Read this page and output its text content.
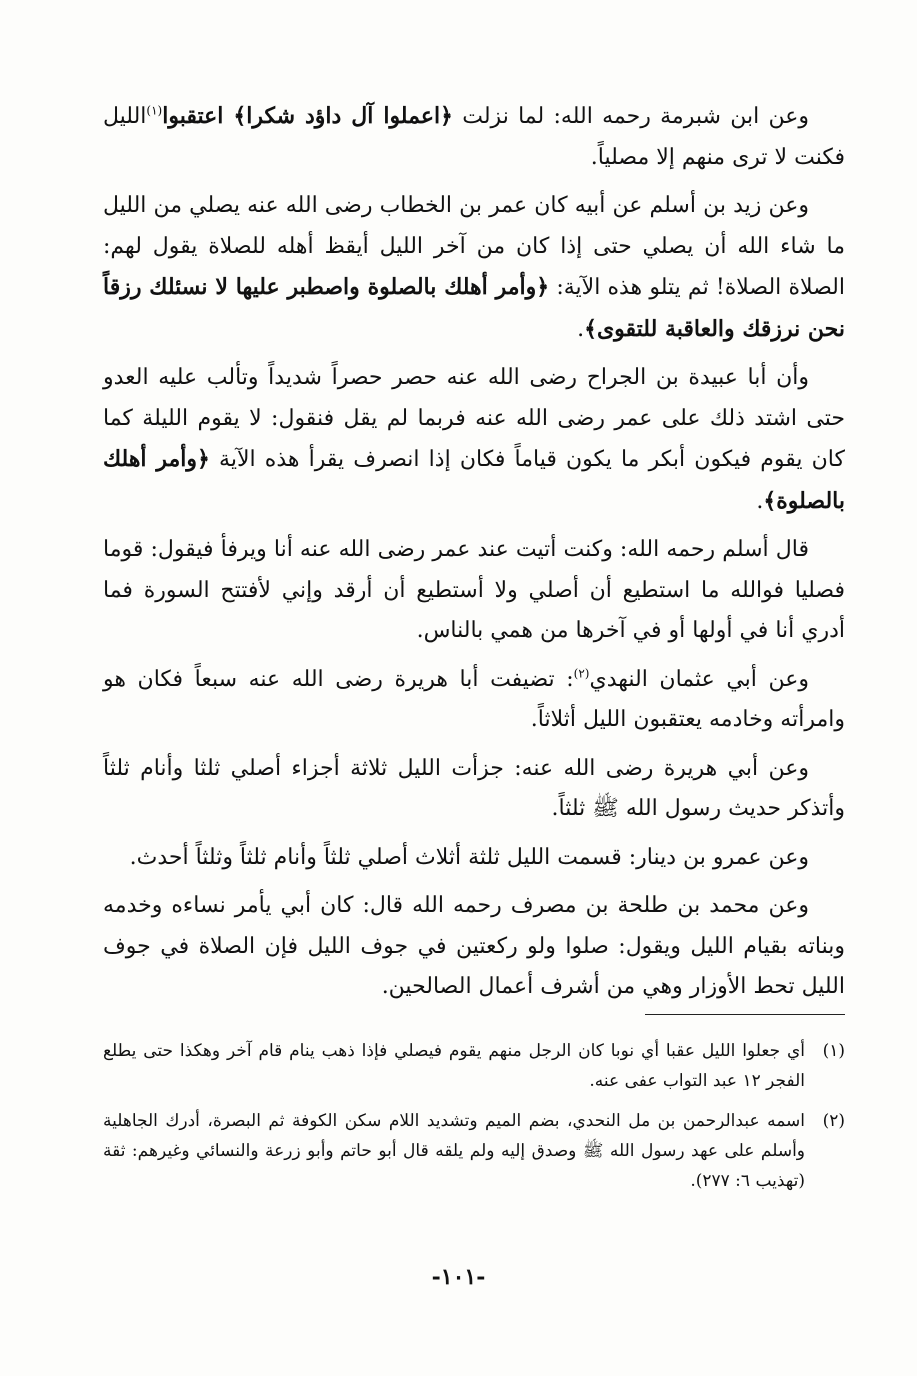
وعن ابن شبرمة رحمه الله: لما نزلت ﴿اعملوا آل داؤد شكرا﴾ اعتقبوا$^{(١)}$الليل فكنت لا ترى منهم إلا مصلياً.

وعن زيد بن أسلم عن أبيه كان عمر بن الخطاب رضى الله عنه يصلي من الليل ما شاء الله أن يصلي حتى إذا كان من آخر الليل أيقظ أهله للصلاة يقول لهم: الصلاة الصلاة! ثم يتلو هذه الآية: ﴿وأمر أهلك بالصلوة واصطبر عليها لا نسئلك رزقاً نحن نرزقك والعاقبة للتقوى﴾.

وأن أبا عبيدة بن الجراح رضى الله عنه حصر حصراً شديداً وتألب عليه العدو حتى اشتد ذلك على عمر رضى الله عنه فربما لم يقل فنقول: لا يقوم الليلة كما كان يقوم فيكون أبكر ما يكون قياماً فكان إذا انصرف يقرأ هذه الآية ﴿وأمر أهلك بالصلوة﴾.

قال أسلم رحمه الله: وكنت أتيت عند عمر رضى الله عنه أنا ويرفأ فيقول: قوما فصليا فوالله ما استطيع أن أصلي ولا أستطيع أن أرقد وإني لأفتتح السورة فما أدري أنا في أولها أو في آخرها من همي بالناس.

وعن أبي عثمان النهدي$^{(٢)}$: تضيفت أبا هريرة رضى الله عنه سبعاً فكان هو وامرأته وخادمه يعتقبون الليل أثلاثاً.

وعن أبي هريرة رضى الله عنه: جزأت الليل ثلاثة أجزاء أصلي ثلثا وأنام ثلثاً وأتذكر حديث رسول الله ﷺ ثلثاً.

وعن عمرو بن دينار: قسمت الليل ثلثة أثلاث أصلي ثلثاً وأنام ثلثاً وثلثاً أحدث.

وعن محمد بن طلحة بن مصرف رحمه الله قال: كان أبي يأمر نساءه وخدمه وبناته بقيام الليل ويقول: صلوا ولو ركعتين في جوف الليل فإن الصلاة في جوف الليل تحط الأوزار وهي من أشرف أعمال الصالحين.

(١)
أي جعلوا الليل عقبا أي نوبا كان الرجل منهم يقوم فيصلي فإذا ذهب ينام قام آخر وهكذا حتى يطلع الفجر ١٢ عبد التواب عفى عنه.
(٢)
اسمه عبدالرحمن بن مل النحدي، بضم الميم وتشديد اللام سكن الكوفة ثم البصرة، أدرك الجاهلية وأسلم على عهد رسول الله ﷺ وصدق إليه ولم يلقه قال أبو حاتم وأبو زرعة والنسائي وغيرهم: ثقة (تهذيب ٦: ٢٧٧).
-١٠١-
